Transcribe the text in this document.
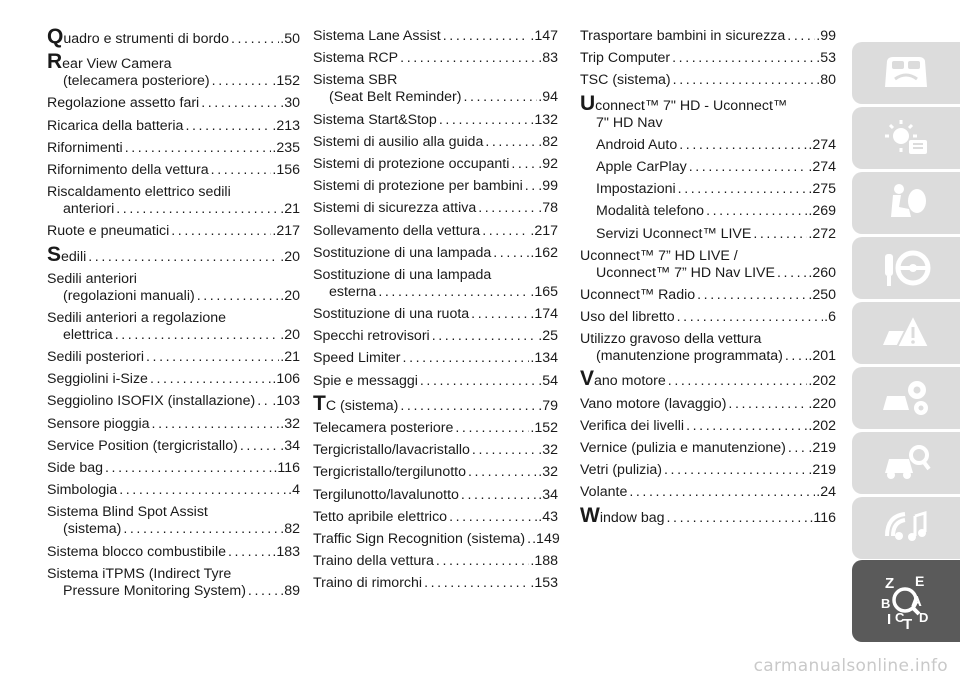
Quadro e strumenti di bordo .....	.50
Rear View Camera
(telecamera posteriore) .....	.152
Regolazione assetto fari .....	.30
Ricarica della batteria .....	.213
Rifornimenti .....	.235
Rifornimento della vettura .....	.156
Riscaldamento elettrico sedili
anteriori .....	.21
Ruote e pneumatici .....	.217
Sedili .....	.20
Sedili anteriori
(regolazioni manuali) .....	.20
Sedili anteriori a regolazione
elettrica .....	.20
Sedili posteriori .....	.21
Seggiolini i-Size .....	.106
Seggiolino ISOFIX (installazione) ..... .103
Sensore pioggia .....	.32
Service Position (tergicristallo) .....	.34
Side bag .....	.116
Simbologia .....	.4
Sistema Blind Spot Assist
(sistema) .....	.82
Sistema blocco combustibile .....	.183
Sistema iTPMS (Indirect Tyre
Pressure Monitoring System) ..... .89
Sistema Lane Assist .....	.147
Sistema RCP .....	.83
Sistema SBR
(Seat Belt Reminder) .....	.94
Sistema Start&Stop .....	.132
Sistemi di ausilio alla guida .....	.82
Sistemi di protezione occupanti ..... .92
Sistemi di protezione per bambini ..... .99
Sistemi di sicurezza attiva .....	.78
Sollevamento della vettura .....	.217
Sostituzione di una lampada .....	.162
Sostituzione di una lampada
esterna .....	.165
Sostituzione di una ruota .....	.174
Specchi retrovisori .....	.25
Speed Limiter .....	.134
Spie e messaggi .....	.54
TC (sistema) .....	.79
Telecamera posteriore .....	.152
Tergicristallo/lavacristallo .....	.32
Tergicristallo/tergilunotto .....	.32
Tergilunotto/lavalunotto .....	.34
Tetto apribile elettrico .....	.43
Traffic Sign Recognition (sistema) ..... .149
Traino della vettura .....	.188
Traino di rimorchi .....	.153
Trasportare bambini in sicurezza ..... .99
Trip Computer .....	.53
TSC (sistema) .....	.80
Uconnect™ 7" HD - Uconnect™
7" HD Nav
Android Auto .....	.274
Apple CarPlay .....	.274
Impostazioni .....	.275
Modalità telefono .....	.269
Servizi Uconnect™ LIVE .....	.272
Uconnect™ 7” HD LIVE /
Uconnect™ 7” HD Nav LIVE ..... .260
Uconnect™ Radio .....	.250
Uso del libretto .....	.6
Utilizzo gravoso della vettura
(manutenzione programmata) ..... .201
Vano motore .....	.202
Vano motore (lavaggio) .....	.220
Verifica dei livelli .....	.202
Vernice (pulizia e manutenzione) ..... .219
Vetri (pulizia) .....	.219
Volante .....	.24
Window bag .....	.116
Z E
A
B
I C
T D
carmanualsonline.info
